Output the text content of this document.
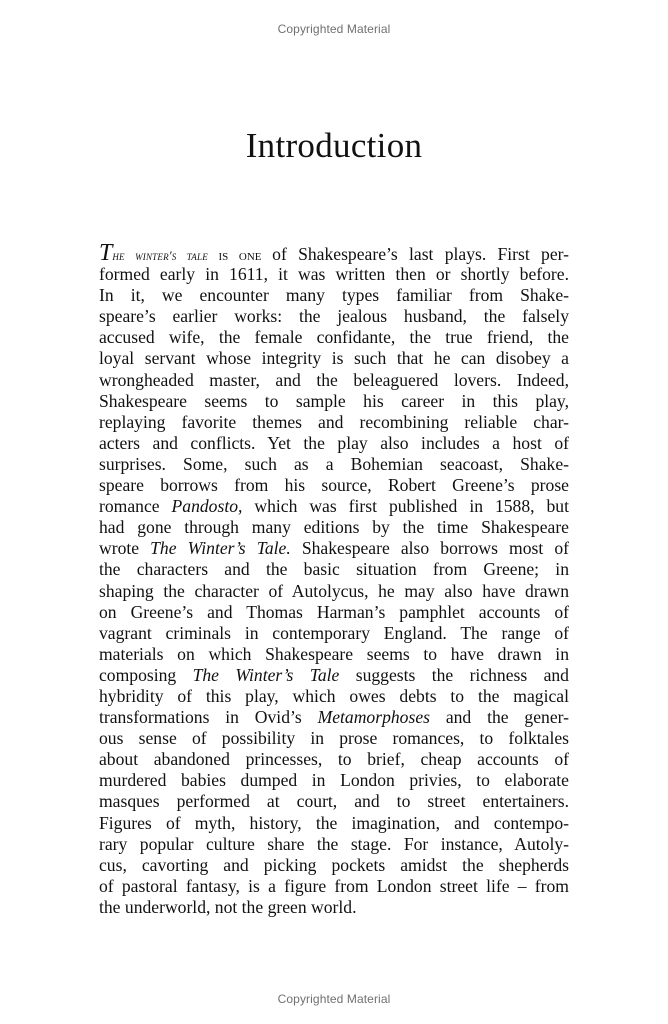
Copyrighted Material
Introduction
The winter's tale is one of Shakespeare’s last plays. First per-
formed early in 1611, it was written then or shortly before.
In it, we encounter many types familiar from Shake-
speare’s earlier works: the jealous husband, the falsely
accused wife, the female confidante, the true friend, the
loyal servant whose integrity is such that he can disobey a
wrongheaded master, and the beleaguered lovers. Indeed,
Shakespeare seems to sample his career in this play,
replaying favorite themes and recombining reliable char-
acters and conflicts. Yet the play also includes a host of
surprises. Some, such as a Bohemian seacoast, Shake-
speare borrows from his source, Robert Greene’s prose
romance Pandosto, which was first published in 1588, but
had gone through many editions by the time Shakespeare
wrote The Winter’s Tale. Shakespeare also borrows most of
the characters and the basic situation from Greene; in
shaping the character of Autolycus, he may also have drawn
on Greene’s and Thomas Harman’s pamphlet accounts of
vagrant criminals in contemporary England. The range of
materials on which Shakespeare seems to have drawn in
composing The Winter’s Tale suggests the richness and
hybridity of this play, which owes debts to the magical
transformations in Ovid’s Metamorphoses and the gener-
ous sense of possibility in prose romances, to folktales
about abandoned princesses, to brief, cheap accounts of
murdered babies dumped in London privies, to elaborate
masques performed at court, and to street entertainers.
Figures of myth, history, the imagination, and contempo-
rary popular culture share the stage. For instance, Autoly-
cus, cavorting and picking pockets amidst the shepherds
of pastoral fantasy, is a figure from London street life – from
the underworld, not the green world.
Copyrighted Material
